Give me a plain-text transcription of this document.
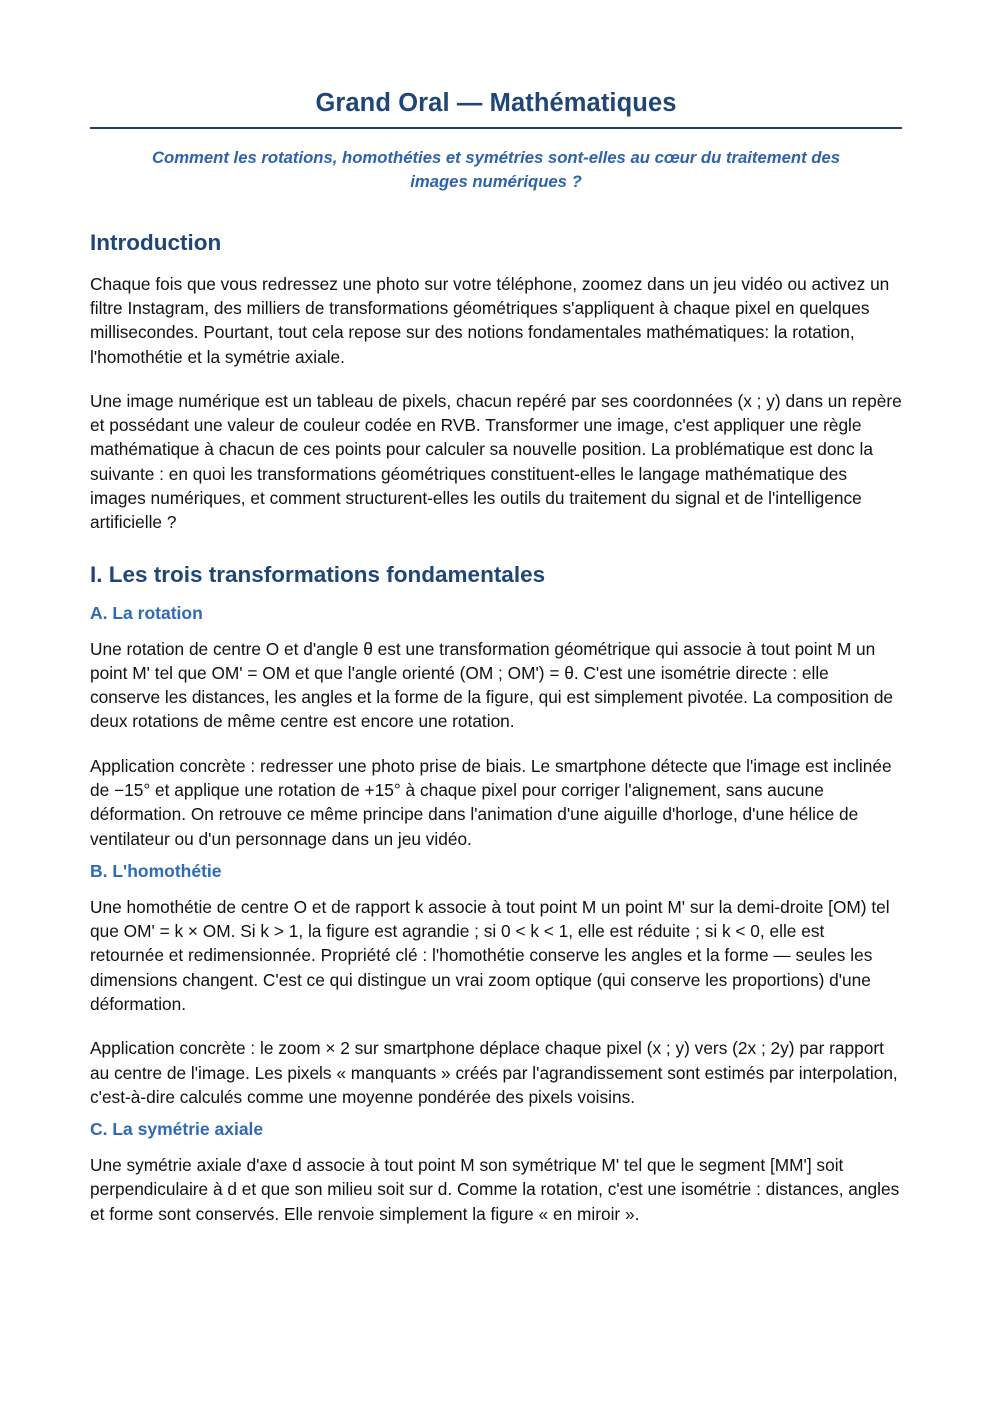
Grand Oral — Mathématiques
Comment les rotations, homothéties et symétries sont-elles au cœur du traitement des images numériques ?
Introduction

Chaque fois que vous redressez une photo sur votre téléphone, zoomez dans un jeu vidéo ou activez un filtre Instagram, des milliers de transformations géométriques s'appliquent à chaque pixel en quelques millisecondes. Pourtant, tout cela repose sur des notions fondamentales mathématiques: la rotation, l'homothétie et la symétrie axiale.

Une image numérique est un tableau de pixels, chacun repéré par ses coordonnées (x ; y) dans un repère et possédant une valeur de couleur codée en RVB. Transformer une image, c'est appliquer une règle mathématique à chacun de ces points pour calculer sa nouvelle position. La problématique est donc la suivante : en quoi les transformations géométriques constituent-elles le langage mathématique des images numériques, et comment structurent-elles les outils du traitement du signal et de l'intelligence artificielle ?

I. Les trois transformations fondamentales
A. La rotation

Une rotation de centre O et d'angle θ est une transformation géométrique qui associe à tout point M un point M' tel que OM' = OM et que l'angle orienté (OM ; OM') = θ. C'est une isométrie directe : elle conserve les distances, les angles et la forme de la figure, qui est simplement pivotée. La composition de deux rotations de même centre est encore une rotation.

Application concrète : redresser une photo prise de biais. Le smartphone détecte que l'image est inclinée de −15° et applique une rotation de +15° à chaque pixel pour corriger l'alignement, sans aucune déformation. On retrouve ce même principe dans l'animation d'une aiguille d'horloge, d'une hélice de ventilateur ou d'un personnage dans un jeu vidéo.

B. L'homothétie

Une homothétie de centre O et de rapport k associe à tout point M un point M' sur la demi-droite [OM) tel que OM' = k × OM. Si k > 1, la figure est agrandie ; si 0 < k < 1, elle est réduite ; si k < 0, elle est retournée et redimensionnée. Propriété clé : l'homothétie conserve les angles et la forme — seules les dimensions changent. C'est ce qui distingue un vrai zoom optique (qui conserve les proportions) d'une déformation.

Application concrète : le zoom × 2 sur smartphone déplace chaque pixel (x ; y) vers (2x ; 2y) par rapport au centre de l'image. Les pixels « manquants » créés par l'agrandissement sont estimés par interpolation, c'est-à-dire calculés comme une moyenne pondérée des pixels voisins.

C. La symétrie axiale

Une symétrie axiale d'axe d associe à tout point M son symétrique M' tel que le segment [MM'] soit perpendiculaire à d et que son milieu soit sur d. Comme la rotation, c'est une isométrie : distances, angles et forme sont conservés. Elle renvoie simplement la figure « en miroir ».
